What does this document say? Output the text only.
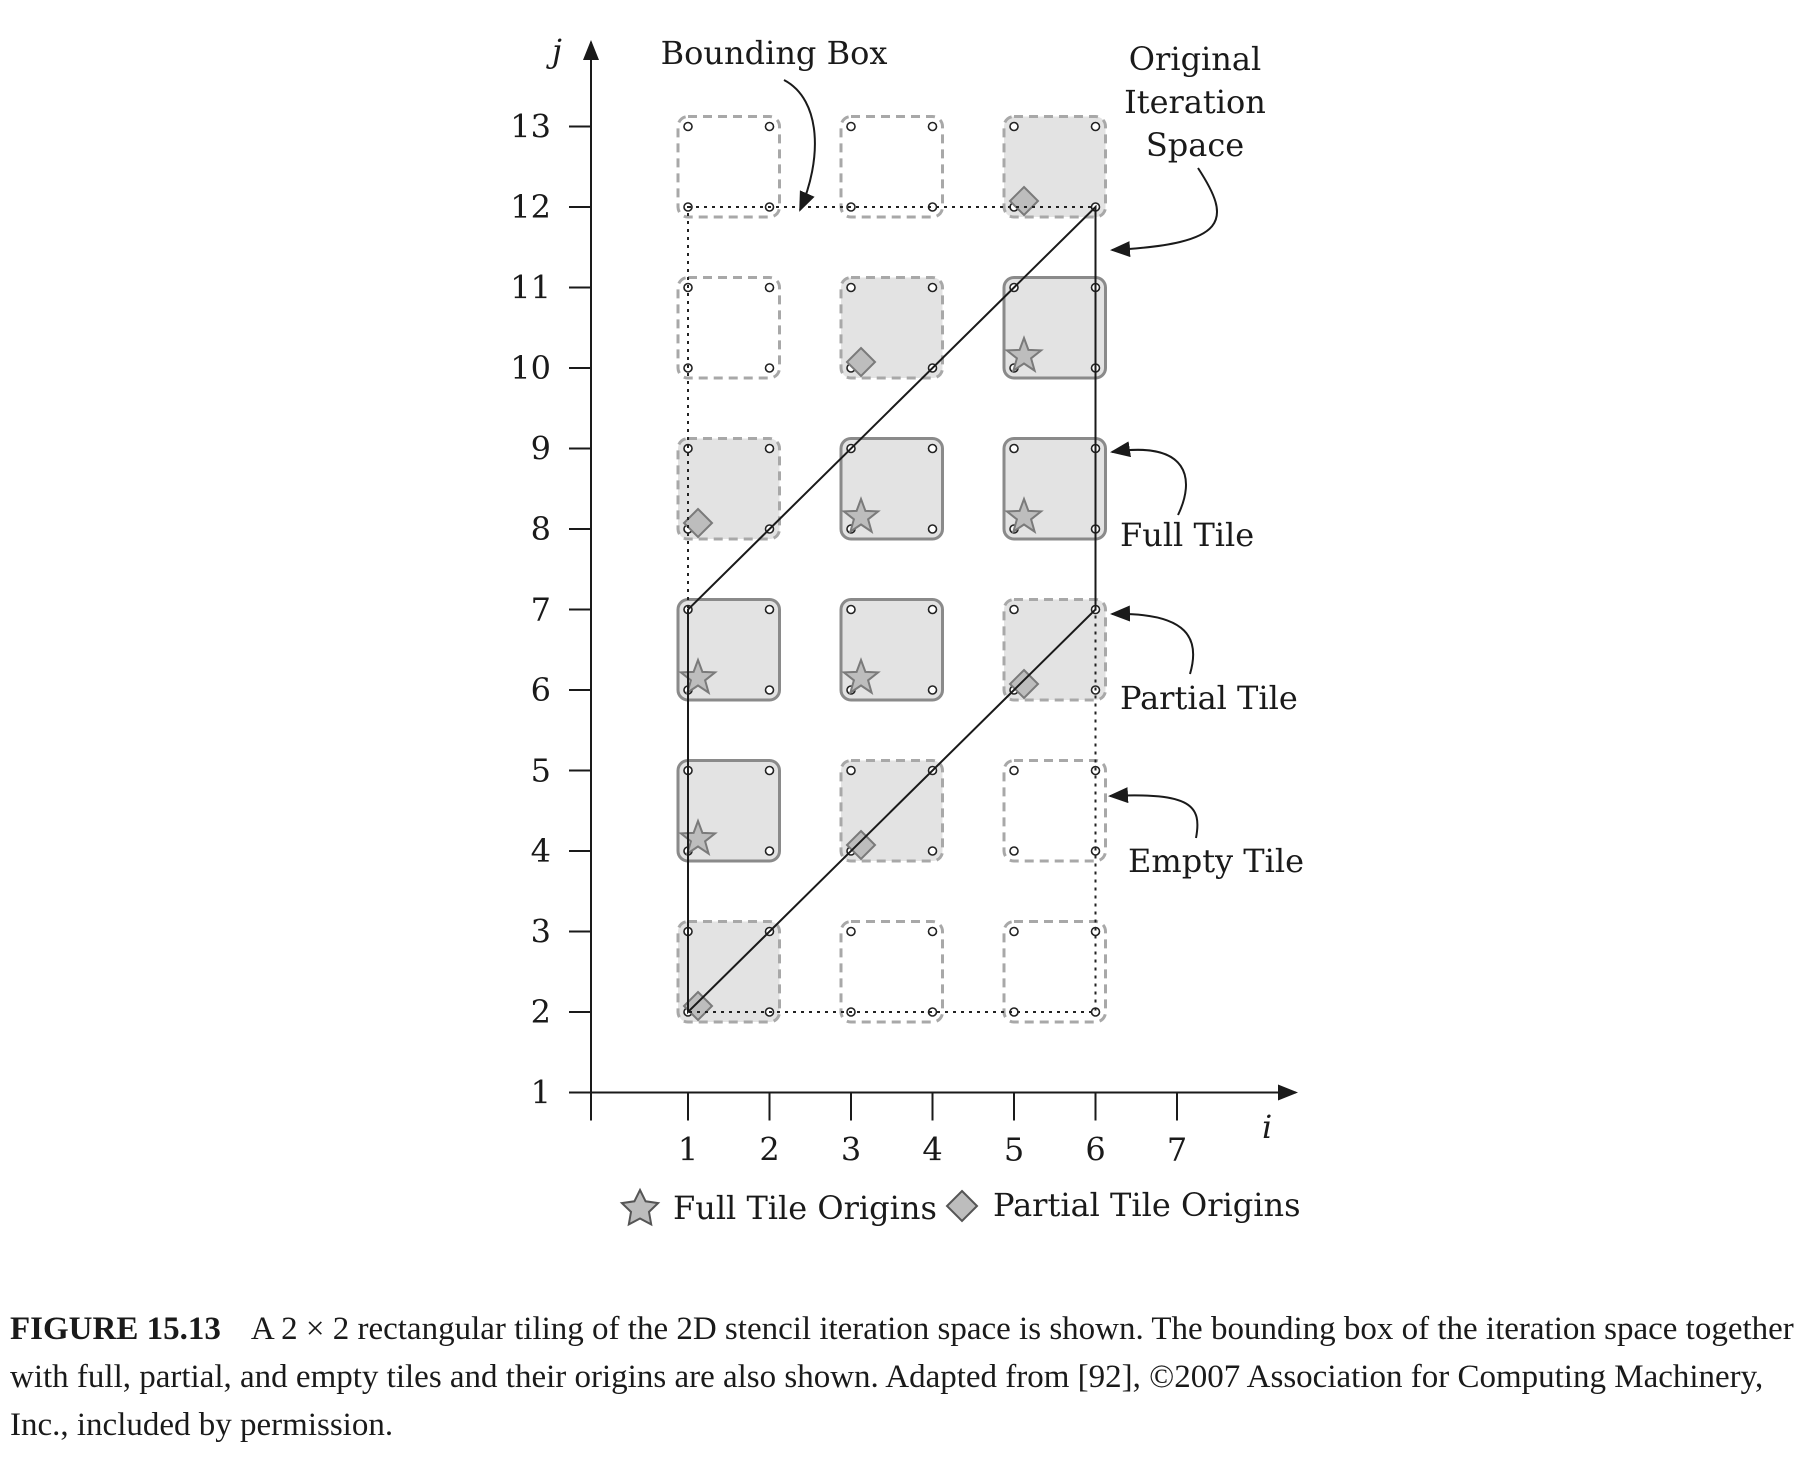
1 2 3 4 5 6 7
1
2
3
4
5
6
7
8
9
10
11
12
13
i
j	Bounding Box	Original
Iteration
Space
Full Tile
Partial Tile
Empty Tile
Full Tile Origins Partial Tile Origins
FIGURE 15.13 A 2 × 2 rectangular tiling of the 2D stencil iteration space is shown. The bounding box of the iteration space together with full, partial, and empty tiles and their origins are also shown. Adapted from [92], ©2007 Association for Computing Machinery, Inc., included by permission.
